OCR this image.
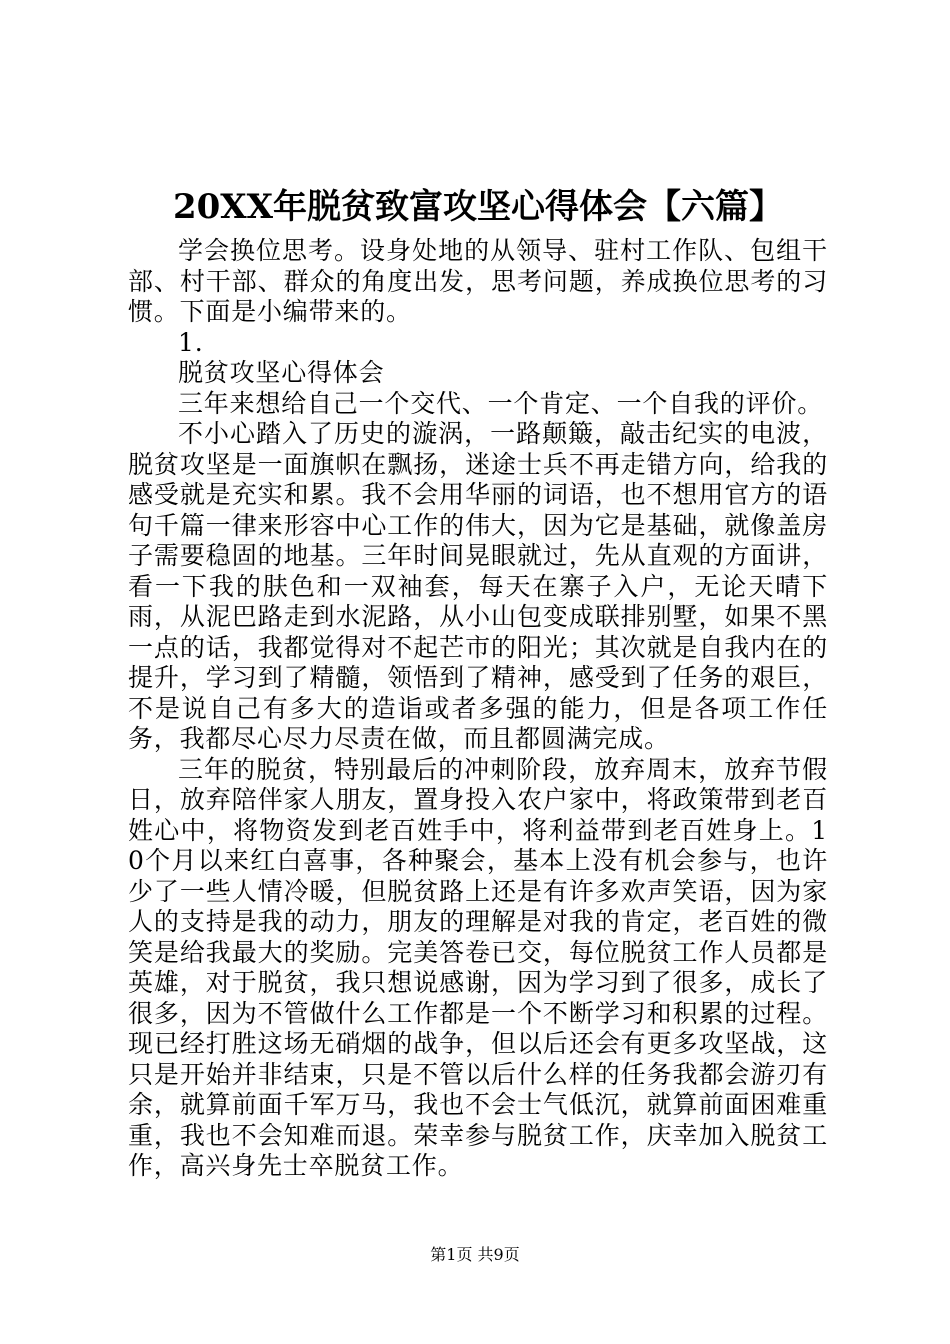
20XX年脱贫致富攻坚心得体会【六篇】

学会换位思考。设身处地的从领导、驻村工作队、包组干部、村干部、群众的角度出发，思考问题，养成换位思考的习惯。下面是小编带来的。

1.

脱贫攻坚心得体会

三年来想给自己一个交代、一个肯定、一个自我的评价。

不小心踏入了历史的漩涡，一路颠簸，敲击纪实的电波，脱贫攻坚是一面旗帜在飘扬，迷途士兵不再走错方向，给我的感受就是充实和累。我不会用华丽的词语，也不想用官方的语句千篇一律来形容中心工作的伟大，因为它是基础，就像盖房子需要稳固的地基。三年时间晃眼就过，先从直观的方面讲，看一下我的肤色和一双袖套，每天在寨子入户，无论天晴下雨，从泥巴路走到水泥路，从小山包变成联排别墅，如果不黑一点的话，我都觉得对不起芒市的阳光；其次就是自我内在的提升，学习到了精髓，领悟到了精神，感受到了任务的艰巨，不是说自己有多大的造诣或者多强的能力，但是各项工作任务，我都尽心尽力尽责在做，而且都圆满完成。

三年的脱贫，特别最后的冲刺阶段，放弃周末，放弃节假日，放弃陪伴家人朋友，置身投入农户家中，将政策带到老百姓心中，将物资发到老百姓手中，将利益带到老百姓身上。10个月以来红白喜事，各种聚会，基本上没有机会参与，也许少了一些人情冷暖，但脱贫路上还是有许多欢声笑语，因为家人的支持是我的动力，朋友的理解是对我的肯定，老百姓的微笑是给我最大的奖励。完美答卷已交，每位脱贫工作人员都是英雄，对于脱贫，我只想说感谢，因为学习到了很多，成长了很多，因为不管做什么工作都是一个不断学习和积累的过程。现已经打胜这场无硝烟的战争，但以后还会有更多攻坚战，这只是开始并非结束，只是不管以后什么样的任务我都会游刃有余，就算前面千军万马，我也不会士气低沉，就算前面困难重重，我也不会知难而退。荣幸参与脱贫工作，庆幸加入脱贫工作，高兴身先士卒脱贫工作。

第1页 共9页
